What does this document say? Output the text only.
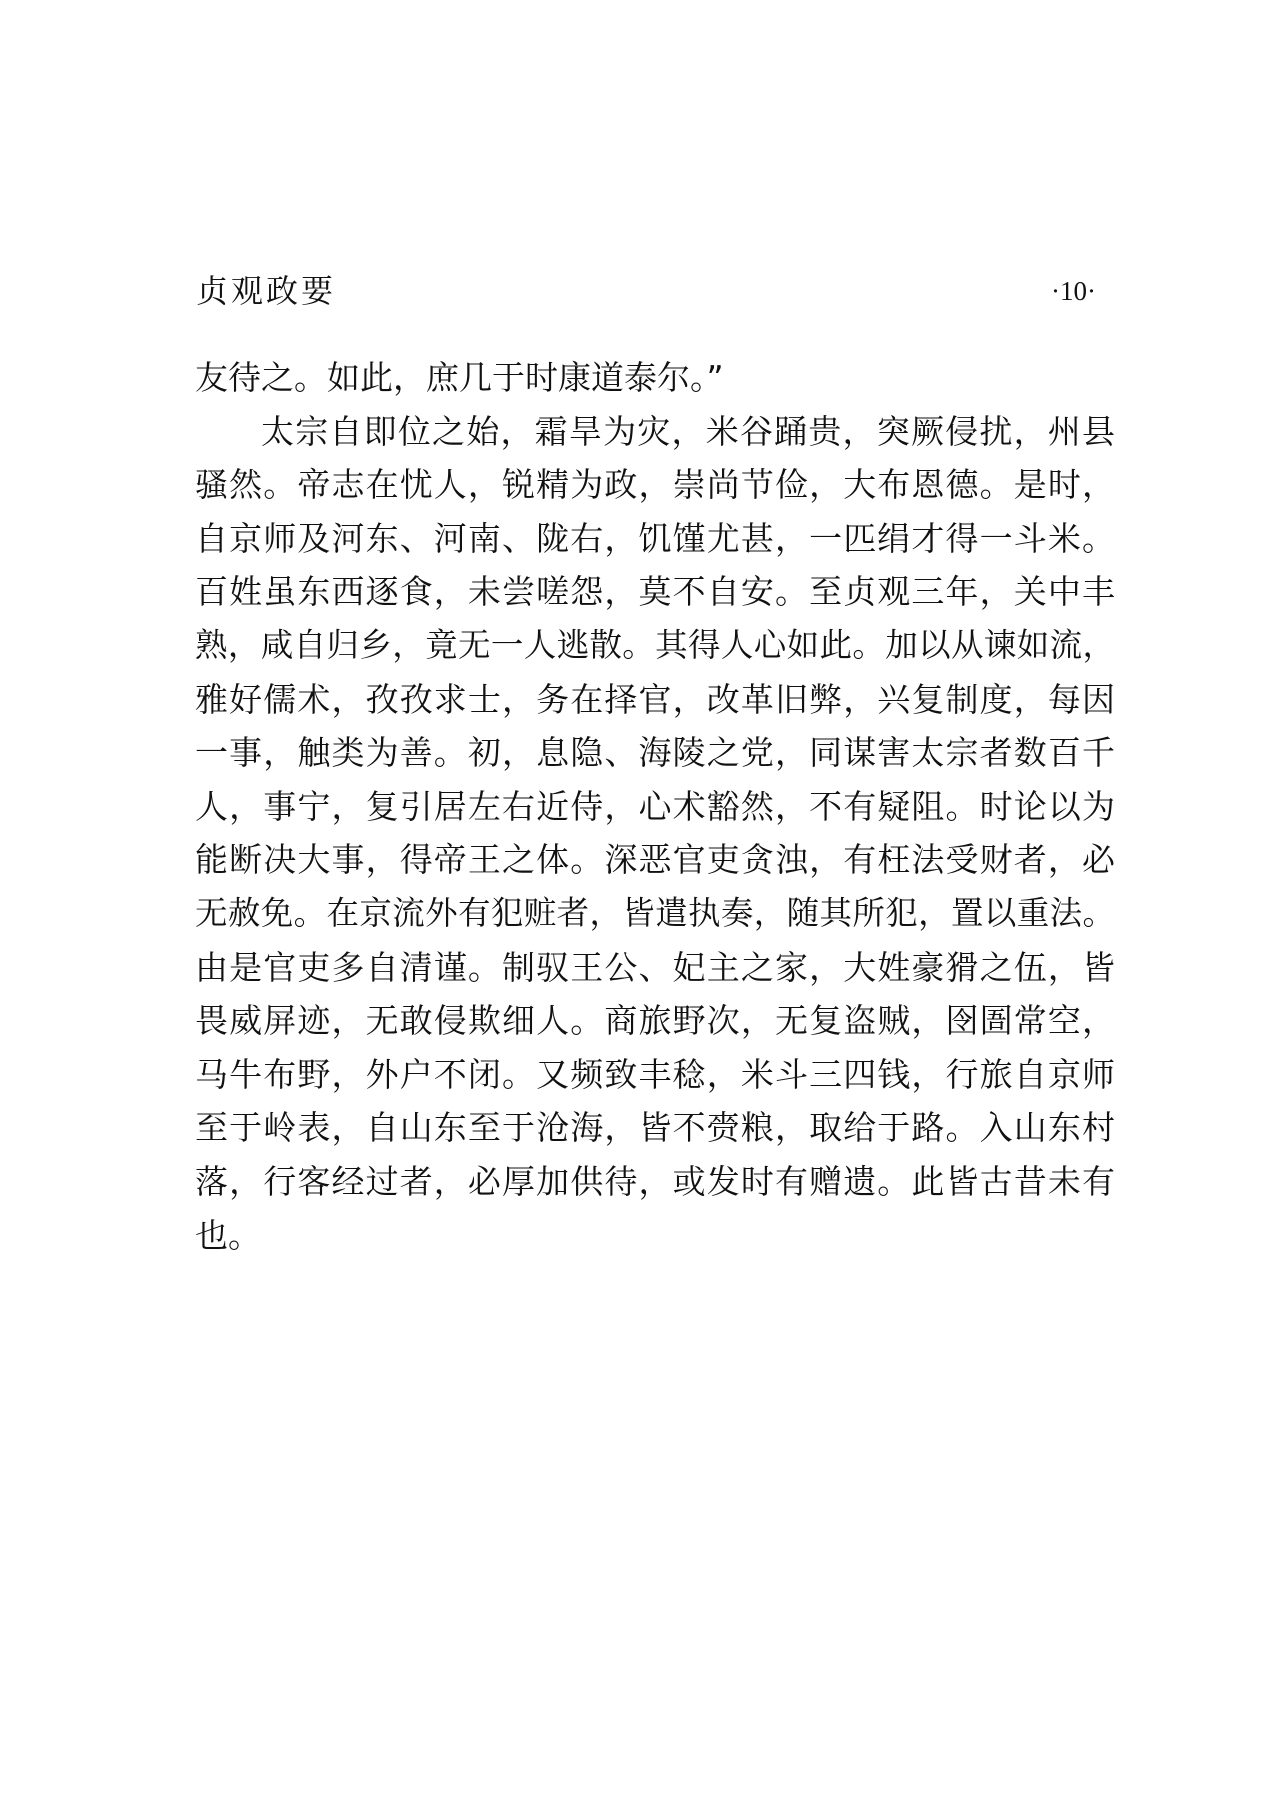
贞观政要	·10·
友待之。如此，庶几于时康道泰尔。”
太宗自即位之始，霜旱为灾，米谷踊贵，突厥侵扰，州县
骚然。帝志在忧人，锐精为政，崇尚节俭，大布恩德。是时，
自京师及河东、河南、陇右，饥馑尤甚，一匹绢才得一斗米。
百姓虽东西逐食，未尝嗟怨，莫不自安。至贞观三年，关中丰
熟，咸自归乡，竟无一人逃散。其得人心如此。加以从谏如流，
雅好儒术，孜孜求士，务在择官，改革旧弊，兴复制度，每因
一事，触类为善。初，息隐、海陵之党，同谋害太宗者数百千
人，事宁，复引居左右近侍，心术豁然，不有疑阻。时论以为
能断决大事，得帝王之体。深恶官吏贪浊，有枉法受财者，必
无赦免。在京流外有犯赃者，皆遣执奏，随其所犯，置以重法。
由是官吏多自清谨。制驭王公、妃主之家，大姓豪猾之伍，皆
畏威屏迹，无敢侵欺细人。商旅野次，无复盗贼，囹圄常空，
马牛布野，外户不闭。又频致丰稔，米斗三四钱，行旅自京师
至于岭表，自山东至于沧海，皆不赍粮，取给于路。入山东村
落，行客经过者，必厚加供待，或发时有赠遗。此皆古昔未有
也。
